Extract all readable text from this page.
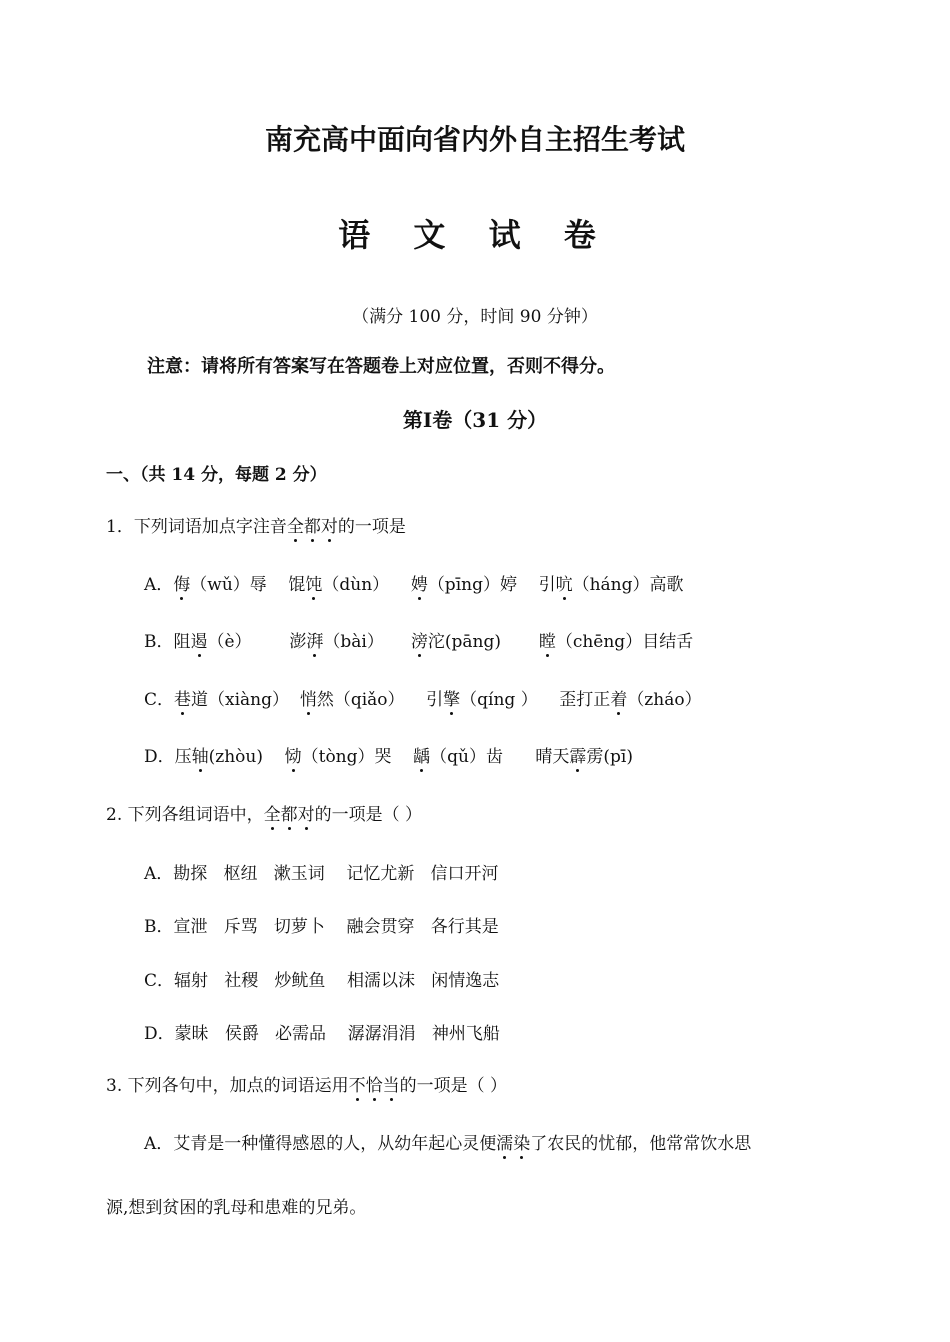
南充高中面向省内外自主招生考试
语 文 试 卷
（满分 100 分，时间 90 分钟）
注意：请将所有答案写在答题卷上对应位置，否则不得分。
第Ⅰ卷（31 分）
一、（共 14 分，每题 2 分）
1．下列词语加点字注音全都对的一项是
A．侮（wǔ）辱    馄饨（dùn）    娉（pīng）婷    引吭（háng）高歌
B．阻遏（è）       澎湃（bài）     滂沱(pāng)       瞠（chēng）目结舌
C．巷道（xiàng）  悄然（qiǎo）    引擎（qíng ）    歪打正着（zháo）
D．压轴(zhòu)    恸（tòng）哭    龋（qǔ）齿      晴天霹雳(pī)
2. 下列各组词语中，全都对的一项是（ ）
A．勘探   枢纽   漱玉词    记忆尤新   信口开河
B．宣泄   斥骂   切萝卜    融会贯穿   各行其是
C．辐射   社稷   炒鱿鱼    相濡以沫   闲情逸志
D．蒙昧   侯爵   必需品    潺潺涓涓   神州飞船
3. 下列各句中，加点的词语运用不恰当的一项是（ ）
A．艾青是一种懂得感恩的人，从幼年起心灵便濡染了农民的忧郁，他常常饮水思
源,想到贫困的乳母和患难的兄弟。
